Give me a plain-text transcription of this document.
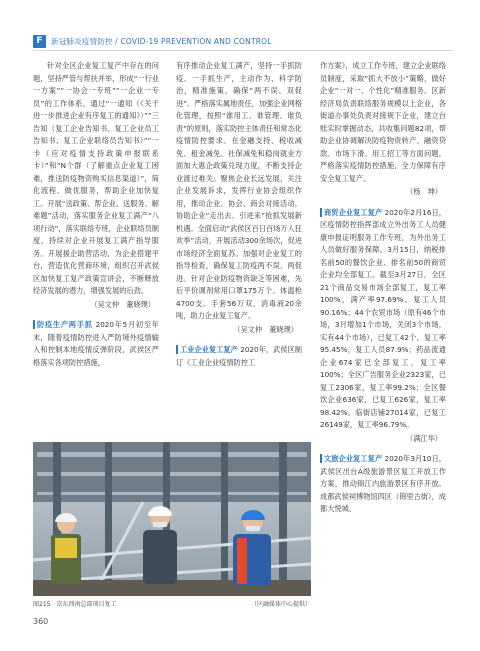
F	新冠肺炎疫情防控 / COVID-19 PREVENTION AND CONTROL

针对全区企业复工复产中存在的问题，坚持严管与帮扶并举，形成“一行业一方案”“一协会一专班”“一企业一专员”的工作体系，通过“一通知（《关于进一步推进企业有序复工的通知》）”“三告知（复工企业告知书、复工企业员工告知书、复工企业联络员告知书）”“一卡（应对疫情支持政策申报联系卡）”和“N个群（了解重点企业复工困难，推送防疫物资购买信息渠道）”，简化流程、做优服务，帮助企业加快复工。开展“送政策、帮企业、送服务、解难题”活动，落实服务企业复工满产“八项行动”，落实联络专班，企业联络员制度，持续对企业开展复工满产指导服务。开展援企助营活动，为企业搭建平台，营造优化营商环境，组织召开武侯区加快复工复产政策宣讲会，不断释放经济发展的潜力，增强发展的后劲。

（吴文仲　董晓璞）

防疫生产两手抓 2020年5月初至年末，随着疫情防控进入严防境外疫情输入和控制本地疫情反弹阶段，武侯区严格落实各项防控措施，

有序推动企业复工满产，坚持一手抓防疫、一手抓生产，主动作为、科学防治，精准施策，确保“两不误、双促进”。严格落实属地责任，加强企业网格化管理，按照“谁用工、谁管理、谁负责”的原则，落实防控主体责任和常态化疫情防控要求。在金融支持、税收减免、租金减免、社保减免和稳岗就业方面加大惠企政策兑现力度，不断支持企业渡过难关。聚焦企业长远发展，关注企业发展诉求，发挥行业协会组织作用，推动企业、协会、商会对接活动，协助企业“走出去、引进来”抢抓发展新机遇。全面启动“武侯区百日百场万人狂欢季”活动，开展活动300余场次，促进市场经济全面复苏。加强对企业复工的指导检查，确保复工防疫两不误、两促进。针对企业防疫物资缺乏等困难，先后平价调剂常用口罩175万个、体温枪4700支、手套56万双、消毒液20余吨，助力企业复工复产。

（吴文仲　董晓璞）

工业企业复工复产 2020年，武侯区制订《工业企业疫情防控工

作方案》，成立工作专班，建立企业联络员制度，采取“抓大不放小”策略，做好企业“一对一、个性化”精准服务。区新经济局负责联络服务规模以上企业，各街道办事处负责对接规下企业，建立台账实时掌握动态，共收集问题82项，帮助企业协调解决防疫物资转产、融资贷款、市场下滑、用工招工等方面问题，严格落实疫情防控措施，全力保障有序安全复工复产。

（杨　坤）

商贸企业复工复产 2020年2月16日，区疫情防控指挥部成立外出务工人员健康申报证明服务工作专班，为外出务工人员做好服务保障。3月15日，纳税排名前50的餐饮企业、排名前50的商贸企业均全部复工。截至3月27日，全区21个商品交易市场全部复工，复工率100%，满产率97.69%。复工人员90.16%；44个农贸市场（原有46个市场，3月增加1个市场，关闭3个市场，实有44个市场），已复工42个，复工率95.45%，复工人员87.9%；药品流通企业674家已全部复工，复工率100%；全区广告服务企业2323家，已复工2306家，复工率99.2%；全区餐饮企业636家，已复工626家，复工率98.42%。临街店铺27014家，已复工26149家，复工率96.79%。

（满江华）

文旅企业复工复产 2020年3月10日，武侯区出台A级旅游景区复工开放工作方案，推动锦江内旅游景区有序开放。成都武侯祠博物馆四区（锦里古街），成都大悦城、

图215　京东西南总部项目复工	（区融媒体中心提供）
360
